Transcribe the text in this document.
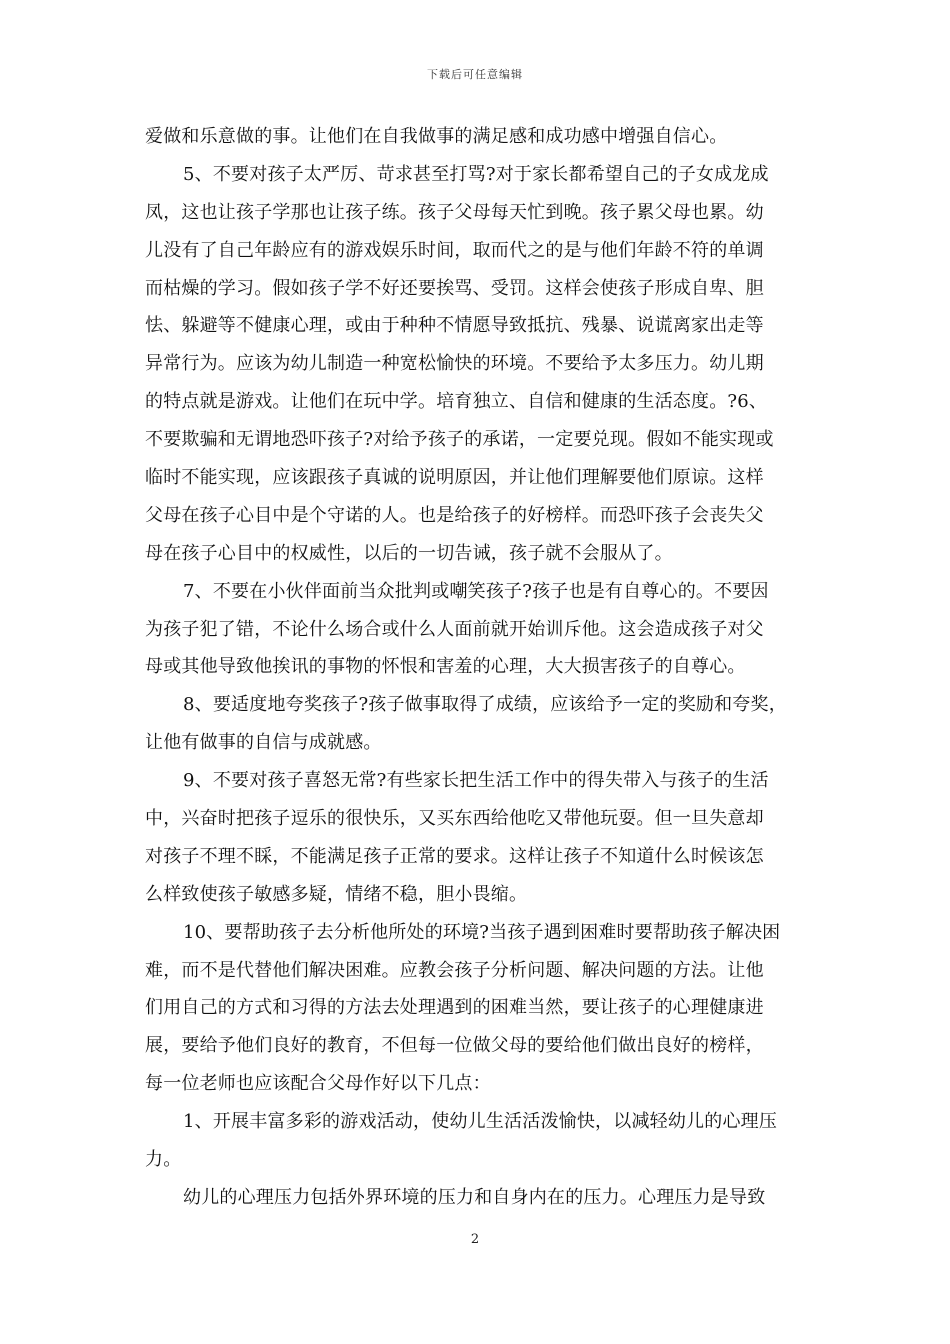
下载后可任意编辑
爱做和乐意做的事。让他们在自我做事的满足感和成功感中增强自信心。
5、不要对孩子太严厉、苛求甚至打骂?对于家长都希望自己的子女成龙成
凤，这也让孩子学那也让孩子练。孩子父母每天忙到晚。孩子累父母也累。幼
儿没有了自己年龄应有的游戏娱乐时间，取而代之的是与他们年龄不符的单调
而枯燥的学习。假如孩子学不好还要挨骂、受罚。这样会使孩子形成自卑、胆
怯、躲避等不健康心理，或由于种种不情愿导致抵抗、残暴、说谎离家出走等
异常行为。应该为幼儿制造一种宽松愉快的环境。不要给予太多压力。幼儿期
的特点就是游戏。让他们在玩中学。培育独立、自信和健康的生活态度。?6、
不要欺骗和无谓地恐吓孩子?对给予孩子的承诺，一定要兑现。假如不能实现或
临时不能实现，应该跟孩子真诚的说明原因，并让他们理解要他们原谅。这样
父母在孩子心目中是个守诺的人。也是给孩子的好榜样。而恐吓孩子会丧失父
母在孩子心目中的权威性，以后的一切告诫，孩子就不会服从了。
7、不要在小伙伴面前当众批判或嘲笑孩子?孩子也是有自尊心的。不要因
为孩子犯了错，不论什么场合或什么人面前就开始训斥他。这会造成孩子对父
母或其他导致他挨讯的事物的怀恨和害羞的心理，大大损害孩子的自尊心。
8、要适度地夸奖孩子?孩子做事取得了成绩，应该给予一定的奖励和夸奖，
让他有做事的自信与成就感。
9、不要对孩子喜怒无常?有些家长把生活工作中的得失带入与孩子的生活
中，兴奋时把孩子逗乐的很快乐，又买东西给他吃又带他玩耍。但一旦失意却
对孩子不理不睬，不能满足孩子正常的要求。这样让孩子不知道什么时候该怎
么样致使孩子敏感多疑，情绪不稳，胆小畏缩。
10、要帮助孩子去分析他所处的环境?当孩子遇到困难时要帮助孩子解决困
难，而不是代替他们解决困难。应教会孩子分析问题、解决问题的方法。让他
们用自己的方式和习得的方法去处理遇到的困难当然，要让孩子的心理健康进
展，要给予他们良好的教育，不但每一位做父母的要给他们做出良好的榜样，
每一位老师也应该配合父母作好以下几点：
1、开展丰富多彩的游戏活动，使幼儿生活活泼愉快，以减轻幼儿的心理压
力。
幼儿的心理压力包括外界环境的压力和自身内在的压力。心理压力是导致
2
